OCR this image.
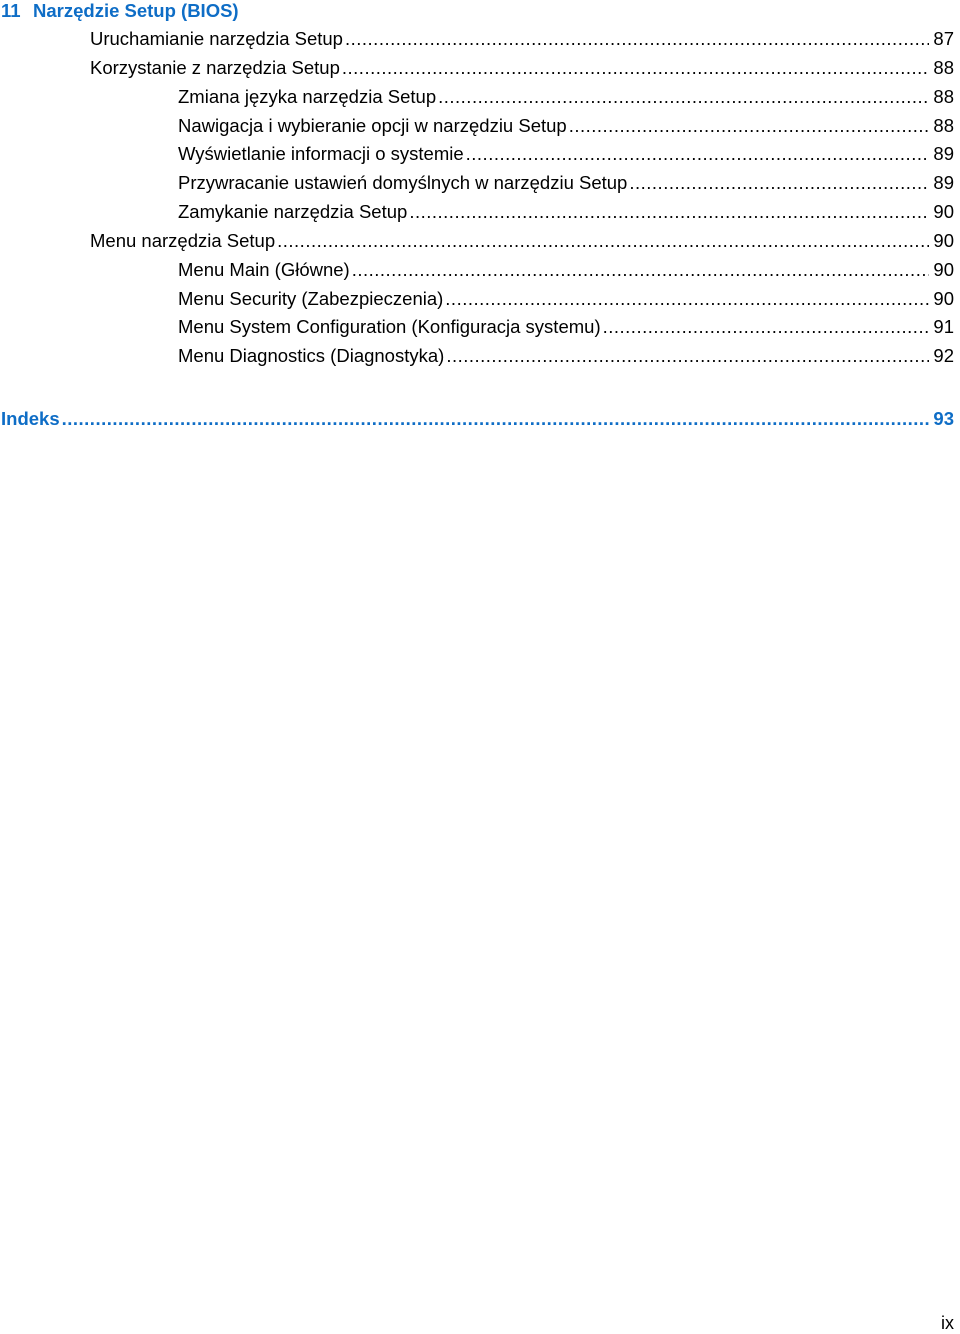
11 Narzędzie Setup (BIOS)
Uruchamianie narzędzia Setup .....	87
Korzystanie z narzędzia Setup .....	88
Zmiana języka narzędzia Setup .....	88
Nawigacja i wybieranie opcji w narzędziu Setup .....	88
Wyświetlanie informacji o systemie .....	89
Przywracanie ustawień domyślnych w narzędziu Setup .....	89
Zamykanie narzędzia Setup .....	90
Menu narzędzia Setup .....	90
Menu Main (Główne) .....	90
Menu Security (Zabezpieczenia) .....	90
Menu System Configuration (Konfiguracja systemu) .....	91
Menu Diagnostics (Diagnostyka) .....	92
Indeks .....	93
ix
